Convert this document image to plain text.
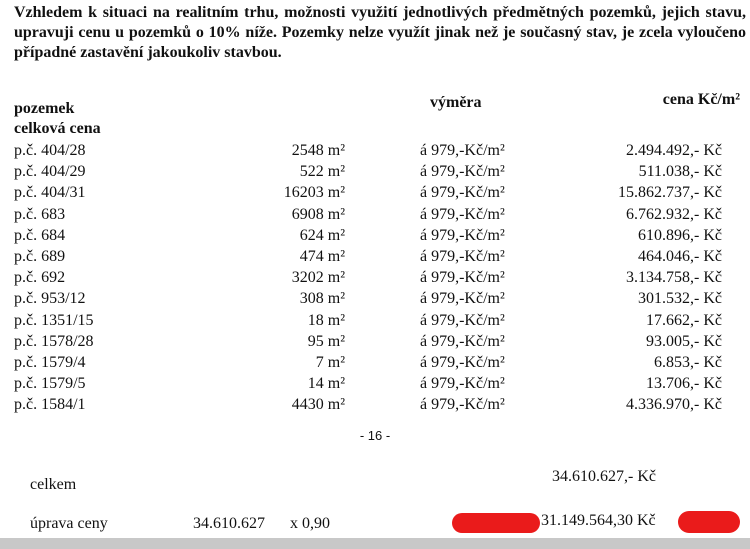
Vzhledem k situaci na realitním trhu, možnosti využití jednotlivých předmětných pozemků, jejich stavu, upravuji cenu u pozemků o 10% níže. Pozemky nelze využít jinak než je současný stav, je zcela vyloučeno případné zastavění jakoukoliv stavbou.
pozemek
celková cena
výměra	cena Kč/m²
p.č. 404/28	2548 m²	á 979,-Kč/m²	2.494.492,- Kč
p.č. 404/29	522 m²	á 979,-Kč/m²	511.038,- Kč
p.č. 404/31	16203 m²	á 979,-Kč/m²	15.862.737,- Kč
p.č. 683	6908 m²	á 979,-Kč/m²	6.762.932,- Kč
p.č. 684	624 m²	á 979,-Kč/m²	610.896,- Kč
p.č. 689	474 m²	á 979,-Kč/m²	464.046,- Kč
p.č. 692	3202 m²	á 979,-Kč/m²	3.134.758,- Kč
p.č. 953/12	308 m²	á 979,-Kč/m²	301.532,- Kč
p.č. 1351/15	18 m²	á 979,-Kč/m²	17.662,- Kč
p.č. 1578/28	95 m²	á 979,-Kč/m²	93.005,- Kč
p.č. 1579/4	7 m²	á 979,-Kč/m²	6.853,- Kč
p.č. 1579/5	14 m²	á 979,-Kč/m²	13.706,- Kč
p.č. 1584/1	4430 m²	á 979,-Kč/m²	4.336.970,- Kč
- 16 -
celkem	34.610.627,- Kč
úprava ceny	34.610.627 x 0,90	31.149.564,30 Kč
